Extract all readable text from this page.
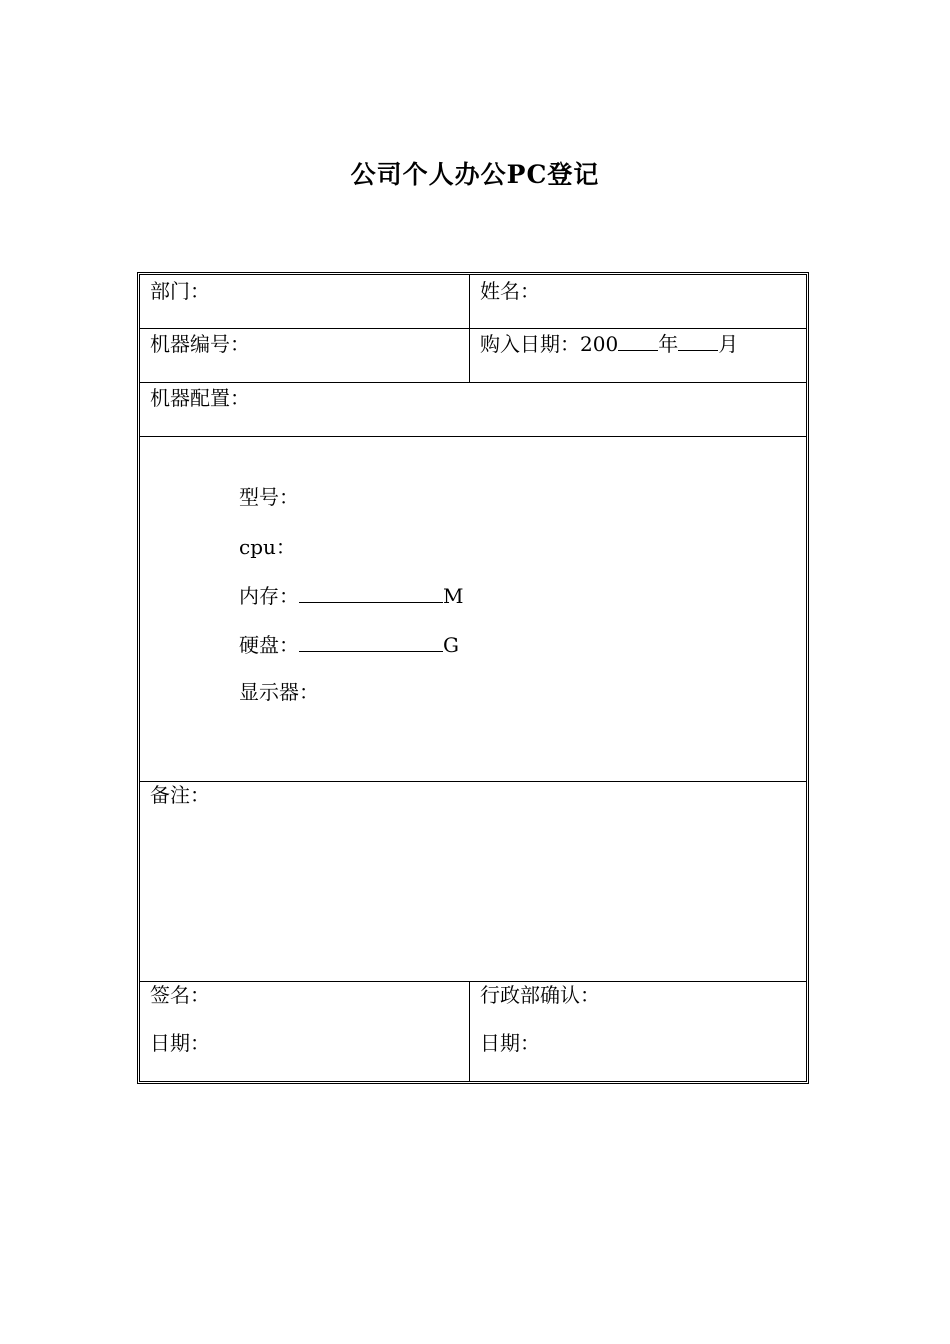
公司个人办公PC登记
部门：	姓名：
机器编号：	购入日期：200 年 月
机器配置：
型号：
cpu：
内存：	M
硬盘：	G
显示器：
备注：
签名：
日期：
行政部确认：
日期：
